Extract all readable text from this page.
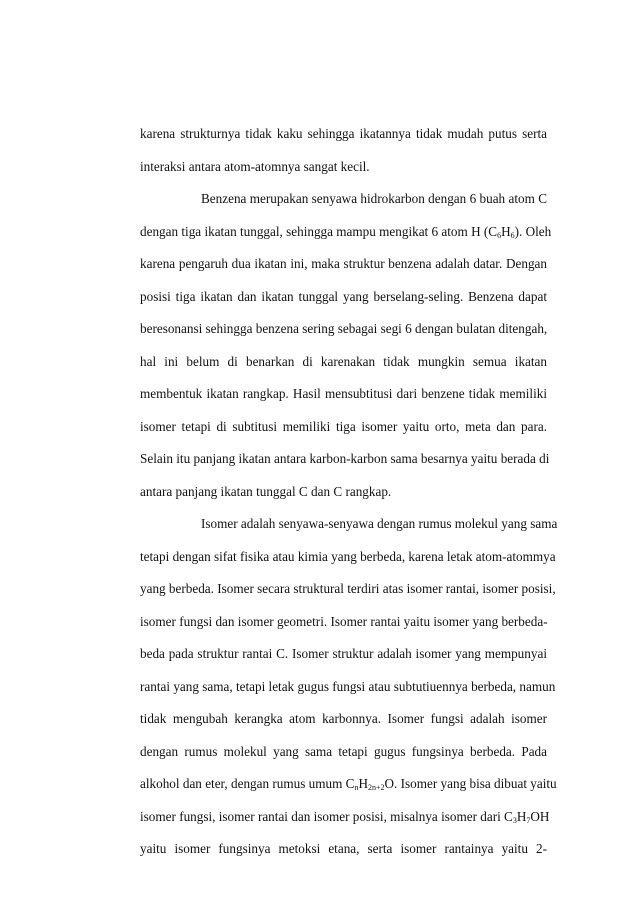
karena strukturnya tidak kaku sehingga ikatannya tidak mudah putus serta
interaksi antara atom-atomnya sangat kecil.
Benzena merupakan senyawa hidrokarbon dengan 6 buah atom C
dengan tiga ikatan tunggal, sehingga mampu mengikat 6 atom H $(C_6H_6)$. Oleh
karena pengaruh dua ikatan ini, maka struktur benzena adalah datar. Dengan
posisi tiga ikatan dan ikatan tunggal yang berselang-seling. Benzena dapat
beresonansi sehingga benzena sering sebagai segi 6 dengan bulatan ditengah,
hal ini belum di benarkan di karenakan tidak mungkin semua ikatan
membentuk ikatan rangkap. Hasil mensubtitusi dari benzene tidak memiliki
isomer tetapi di subtitusi memiliki tiga isomer yaitu orto, meta dan para.
Selain itu panjang ikatan antara karbon-karbon sama besarnya yaitu berada di
antara panjang ikatan tunggal C dan C rangkap.
Isomer adalah senyawa-senyawa dengan rumus molekul yang sama
tetapi dengan sifat fisika atau kimia yang berbeda, karena letak atom-atommya
yang berbeda. Isomer secara struktural terdiri atas isomer rantai, isomer posisi,
isomer fungsi dan isomer geometri. Isomer rantai yaitu isomer yang berbeda-
beda pada struktur rantai C. Isomer struktur adalah isomer yang mempunyai
rantai yang sama, tetapi letak gugus fungsi atau subtutiuennya berbeda, namun
tidak mengubah kerangka atom karbonnya. Isomer fungsi adalah isomer
dengan rumus molekul yang sama tetapi gugus fungsinya berbeda. Pada
alkohol dan eter, dengan rumus umum $C_nH_{2n+2}O$. Isomer yang bisa dibuat yaitu
isomer fungsi, isomer rantai dan isomer posisi, misalnya isomer dari $C_3H_7OH$
yaitu isomer fungsinya metoksi etana, serta isomer rantainya yaitu 2-
